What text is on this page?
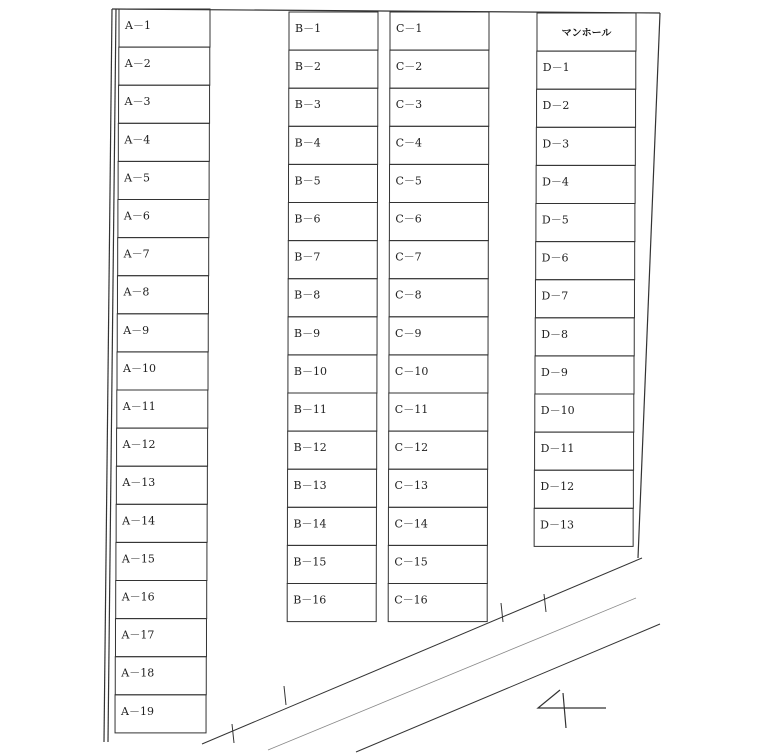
A－1
A－2
A－3
A－4
A－5
A－6
A－7
A－8
A－9
A－10
A－11
A－12
A－13
A－14
A－15
A－16
A－17
A－18
A－19
B－1
B－2
B－3
B－4
B－5
B－6
B－7
B－8
B－9
B－10
B－11
B－12
B－13
B－14
B－15
B－16
C－1
C－2
C－3
C－4
C－5
C－6
C－7
C－8
C－9
C－10
C－11
C－12
C－13
C－14
C－15
C－16
マンホール
D－1
D－2
D－3
D－4
D－5
D－6
D－7
D－8
D－9
D－10
D－11
D－12
D－13
